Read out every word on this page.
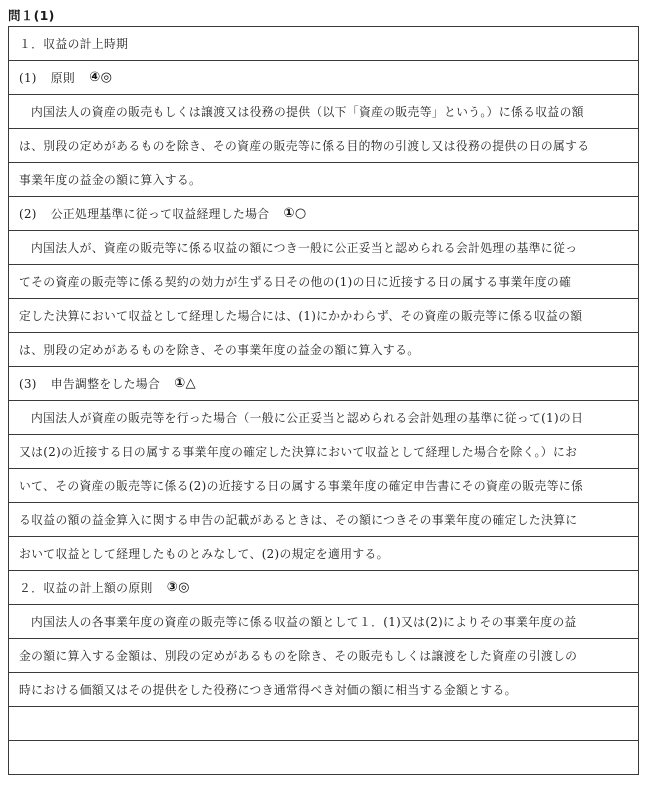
問１(1)
１．収益の計上時期
(1) 原則 ④◎
内国法人の資産の販売もしくは譲渡又は役務の提供（以下「資産の販売等」という。）に係る収益の額
は、別段の定めがあるものを除き、その資産の販売等に係る目的物の引渡し又は役務の提供の日の属する
事業年度の益金の額に算入する。
(2) 公正処理基準に従って収益経理した場合 ①○
内国法人が、資産の販売等に係る収益の額につき一般に公正妥当と認められる会計処理の基準に従っ
てその資産の販売等に係る契約の効力が生ずる日その他の(1)の日に近接する日の属する事業年度の確
定した決算において収益として経理した場合には、(1)にかかわらず、その資産の販売等に係る収益の額
は、別段の定めがあるものを除き、その事業年度の益金の額に算入する。
(3) 申告調整をした場合 ①△
内国法人が資産の販売等を行った場合（一般に公正妥当と認められる会計処理の基準に従って(1)の日
又は(2)の近接する日の属する事業年度の確定した決算において収益として経理した場合を除く。）にお
いて、その資産の販売等に係る(2)の近接する日の属する事業年度の確定申告書にその資産の販売等に係
る収益の額の益金算入に関する申告の記載があるときは、その額につきその事業年度の確定した決算に
おいて収益として経理したものとみなして、(2)の規定を適用する。
２．収益の計上額の原則 ③◎
内国法人の各事業年度の資産の販売等に係る収益の額として１．(1)又は(2)によりその事業年度の益
金の額に算入する金額は、別段の定めがあるものを除き、その販売もしくは譲渡をした資産の引渡しの
時における価額又はその提供をした役務につき通常得べき対価の額に相当する金額とする。
